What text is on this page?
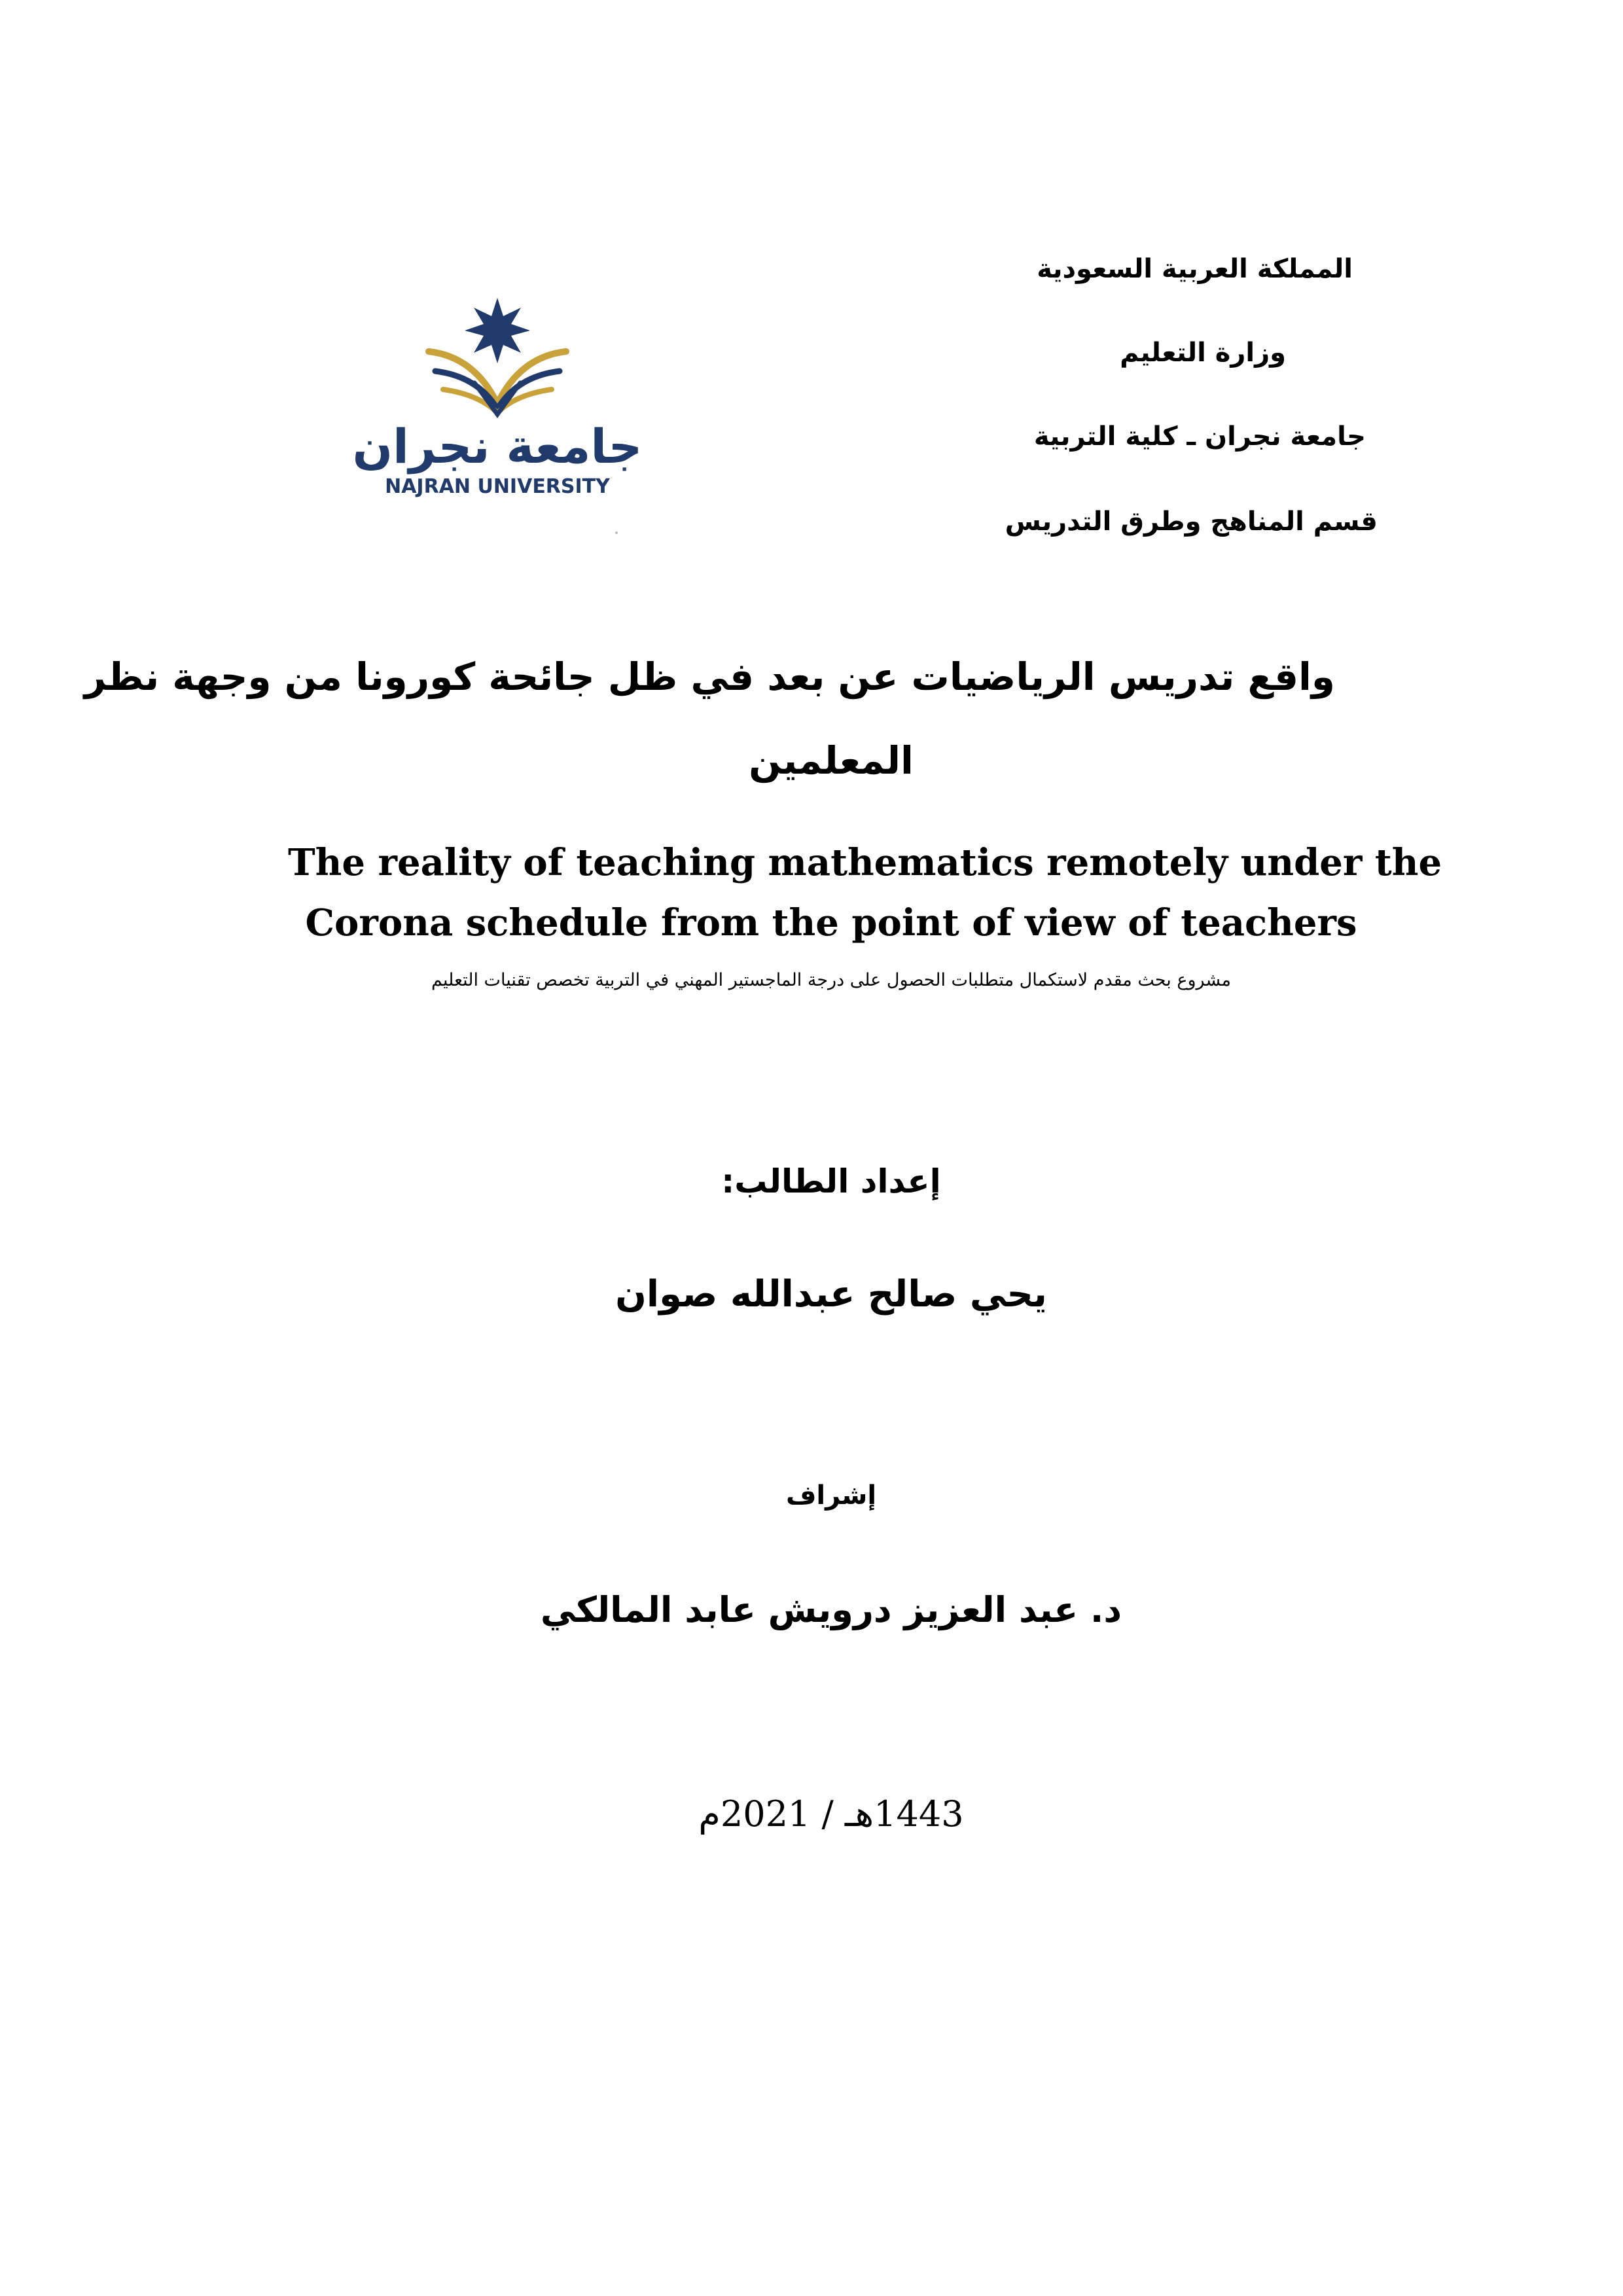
المملكة العربية السعودية
وزارة التعليم
جامعة نجران ـ كلية التربية
قسم المناهج وطرق التدريس
جامعة نجران
NAJRAN UNIVERSITY
واقع تدريس الرياضيات عن بعد في ظل جائحة كورونا من وجهة نظر
المعلمين
The reality of teaching mathematics remotely under the
Corona schedule from the point of view of teachers
مشروع بحث مقدم لاستكمال متطلبات الحصول على درجة الماجستير المهني في التربية تخصص تقنيات التعليم
إعداد الطالب:
يحي صالح عبدالله صوان
إشراف
د. عبد العزيز درويش عابد المالكي
1443هـ / 2021م
